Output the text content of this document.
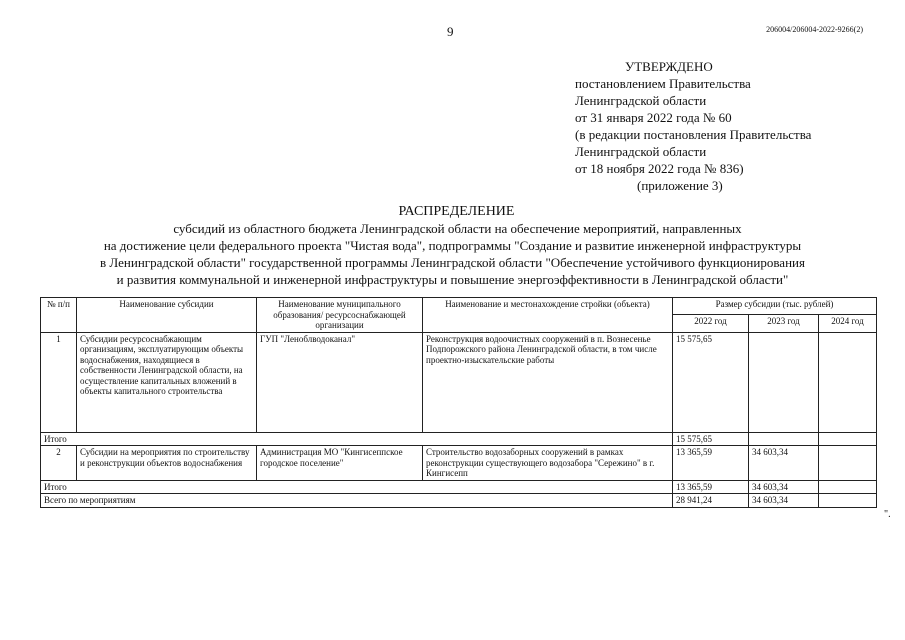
9	206004/206004-2022-9266(2)
УТВЕРЖДЕНО
постановлением Правительства
Ленинградской области
от 31 января 2022 года № 60
(в редакции постановления Правительства
Ленинградской области
от 18 ноября 2022 года № 836)
(приложение 3)
РАСПРЕДЕЛЕНИЕ
субсидий из областного бюджета Ленинградской области на обеспечение мероприятий, направленных
на достижение цели федерального проекта "Чистая вода", подпрограммы "Создание и развитие инженерной инфраструктуры
в Ленинградской области" государственной программы Ленинградской области "Обеспечение устойчивого функционирования
и развития коммунальной и инженерной инфраструктуры и повышение энергоэффективности в Ленинградской области"
№ п/п	Наименование субсидии	Наименование муниципального образования/ ресурсоснабжающей организации	Наименование и местонахождение стройки (объекта)	Размер субсидии (тыс. рублей)		
				2022 год	2023 год	2024 год
1	Субсидии ресурсоснабжающим организациям, эксплуатирующим объекты водоснабжения, находящиеся в собственности Ленинградской области, на осуществление капитальных вложений в объекты капитального строительства	ГУП "Леноблводоканал"	Реконструкция водоочистных сооружений в п. Вознесенье Подпорожского района Ленинградской области, в том числе проектно-изыскательские работы	15 575,65		
Итого				15 575,65		
2	Субсидии на мероприятия по строительству и реконструкции объектов водоснабжения	Администрация МО "Кингисеппское городское поселение"	Строительство водозаборных сооружений в рамках реконструкции существующего водозабора "Сережино" в г. Кингисепп	13 365,59	34 603,34	
Итого				13 365,59	34 603,34	
Всего по мероприятиям				28 941,24	34 603,34	
".
